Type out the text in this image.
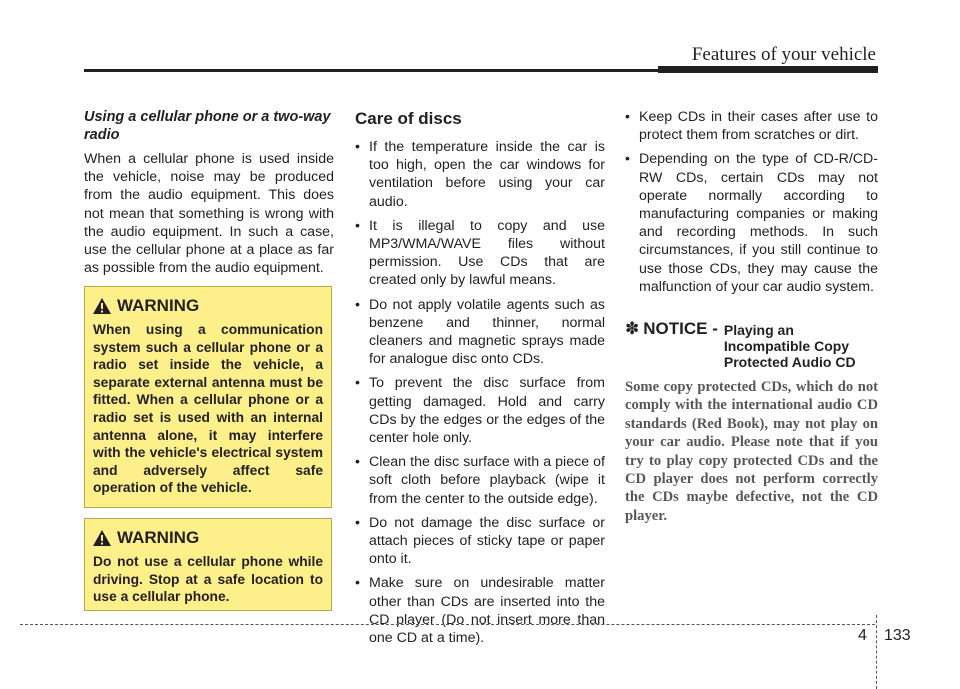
Features of your vehicle

Using a cellular phone or a two-way radio

When a cellular phone is used inside the vehicle, noise may be produced from the audio equipment. This does not mean that something is wrong with the audio equipment. In such a case, use the cellular phone at a place as far as possible from the audio equipment.

WARNING

When using a communication system such a cellular phone or a radio set inside the vehicle, a separate external antenna must be fitted. When a cellular phone or a radio set is used with an internal antenna alone, it may interfere with the vehicle's electrical system and adversely affect safe operation of the vehicle.

WARNING

Do not use a cellular phone while driving. Stop at a safe location to use a cellular phone.

Care of discs
• If the temperature inside the car is too high, open the car windows for ventilation before using your car audio.
• It is illegal to copy and use MP3/WMA/WAVE files without permission. Use CDs that are created only by lawful means.
• Do not apply volatile agents such as benzene and thinner, normal cleaners and magnetic sprays made for analogue disc onto CDs.
• To prevent the disc surface from getting damaged. Hold and carry CDs by the edges or the edges of the center hole only.
• Clean the disc surface with a piece of soft cloth before playback (wipe it from the center to the outside edge).
• Do not damage the disc surface or attach pieces of sticky tape or paper onto it.
• Make sure on undesirable matter other than CDs are inserted into the CD player (Do not insert more than one CD at a time).
• Keep CDs in their cases after use to protect them from scratches or dirt.
• Depending on the type of CD-R/CD-RW CDs, certain CDs may not operate normally according to manufacturing companies or making and recording methods. In such circumstances, if you still continue to use those CDs, they may cause the malfunction of your car audio system.
✽ NOTICE - Playing an
Incompatible Copy
Protected Audio CD
Some copy protected CDs, which do not comply with the international audio CD standards (Red Book), may not play on your car audio. Please note that if you try to play copy protected CDs and the CD player does not perform correctly the CDs maybe defective, not the CD player.
4 133
